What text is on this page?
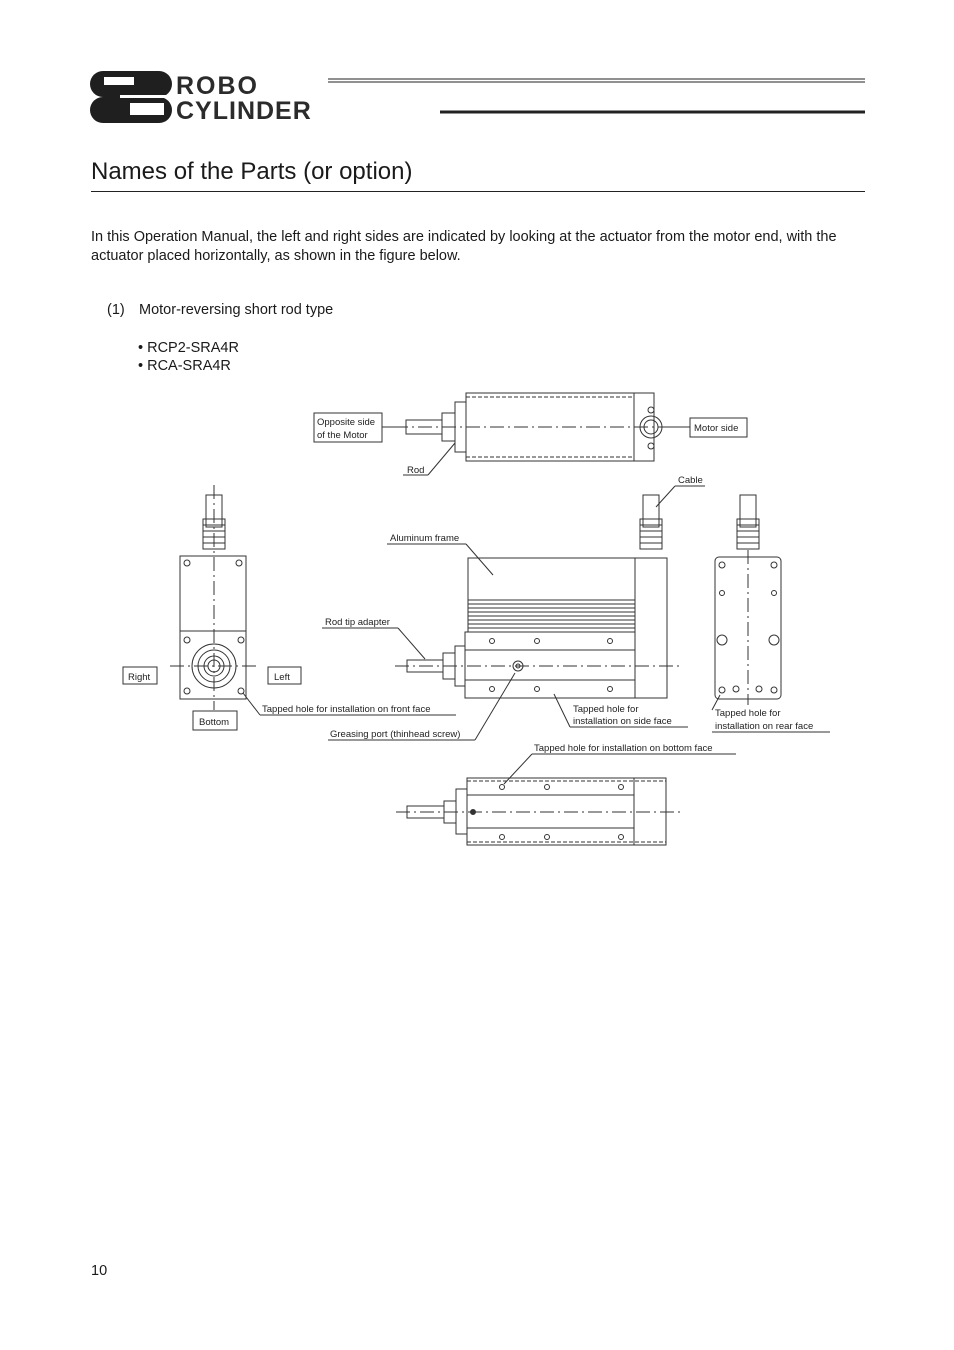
ROBO
CYLINDER
Names of the Parts (or option)

In this Operation Manual, the left and right sides are indicated by looking at the actuator from the motor end, with the actuator placed horizontally, as shown in the figure below.

(1) Motor-reversing short rod type

• RCP2-SRA4R
• RCA-SRA4R
Opposite side
of the Motor
Motor side
Rod
Right	Left
Bottom
Tapped hole for installation on front face
Cable
Aluminum frame
Rod tip adapter
Greasing port (thinhead screw)
Tapped hole for
installation on side face
Tapped hole for
installation on rear face
Tapped hole for installation on bottom face
10
